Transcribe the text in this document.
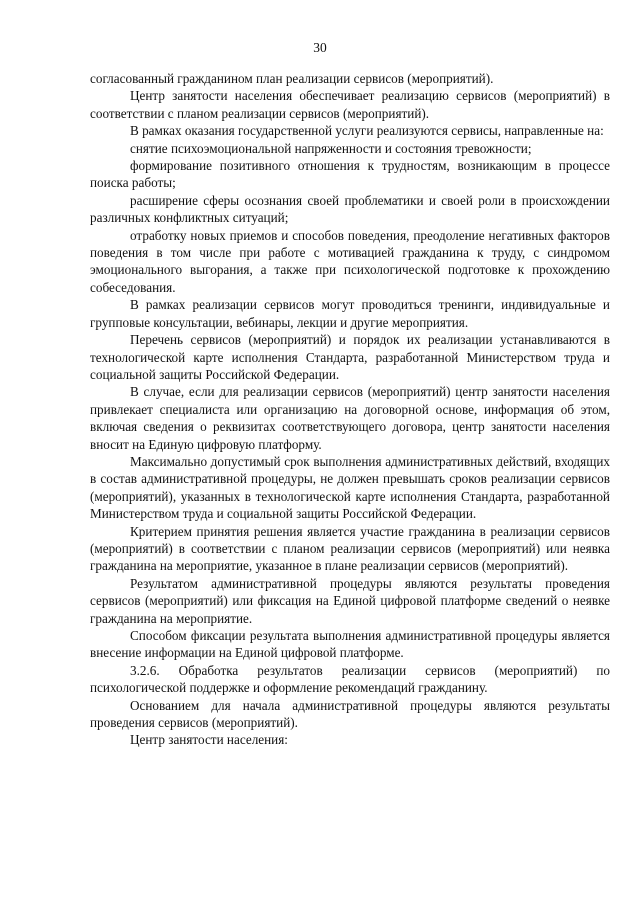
30

согласованный гражданином план реализации сервисов (мероприятий).

Центр занятости населения обеспечивает реализацию сервисов (мероприятий) в соответствии с планом реализации сервисов (мероприятий).

В рамках оказания государственной услуги реализуются сервисы, направленные на:

снятие психоэмоциональной напряженности и состояния тревожности;

формирование позитивного отношения к трудностям, возникающим в процессе поиска работы;

расширение сферы осознания своей проблематики и своей роли в происхождении различных конфликтных ситуаций;

отработку новых приемов и способов поведения, преодоление негативных факторов поведения в том числе при работе с мотивацией гражданина к труду, с синдромом эмоционального выгорания, а также при психологической подготовке к прохождению собеседования.

В рамках реализации сервисов могут проводиться тренинги, индивидуальные и групповые консультации, вебинары, лекции и другие мероприятия.

Перечень сервисов (мероприятий) и порядок их реализации устанавливаются в технологической карте исполнения Стандарта, разработанной Министерством труда и социальной защиты Российской Федерации.

В случае, если для реализации сервисов (мероприятий) центр занятости населения привлекает специалиста или организацию на договорной основе, информация об этом, включая сведения о реквизитах соответствующего договора, центр занятости населения вносит на Единую цифровую платформу.

Максимально допустимый срок выполнения административных действий, входящих в состав административной процедуры, не должен превышать сроков реализации сервисов (мероприятий), указанных в технологической карте исполнения Стандарта, разработанной Министерством труда и социальной защиты Российской Федерации.

Критерием принятия решения является участие гражданина в реализации сервисов (мероприятий) в соответствии с планом реализации сервисов (мероприятий) или неявка гражданина на мероприятие, указанное в плане реализации сервисов (мероприятий).

Результатом административной процедуры являются результаты проведения сервисов (мероприятий) или фиксация на Единой цифровой платформе сведений о неявке гражданина на мероприятие.

Способом фиксации результата выполнения административной процедуры является внесение информации на Единой цифровой платформе.

3.2.6. Обработка результатов реализации сервисов (мероприятий) по психологической поддержке и оформление рекомендаций гражданину.

Основанием для начала административной процедуры являются результаты проведения сервисов (мероприятий).

Центр занятости населения:
